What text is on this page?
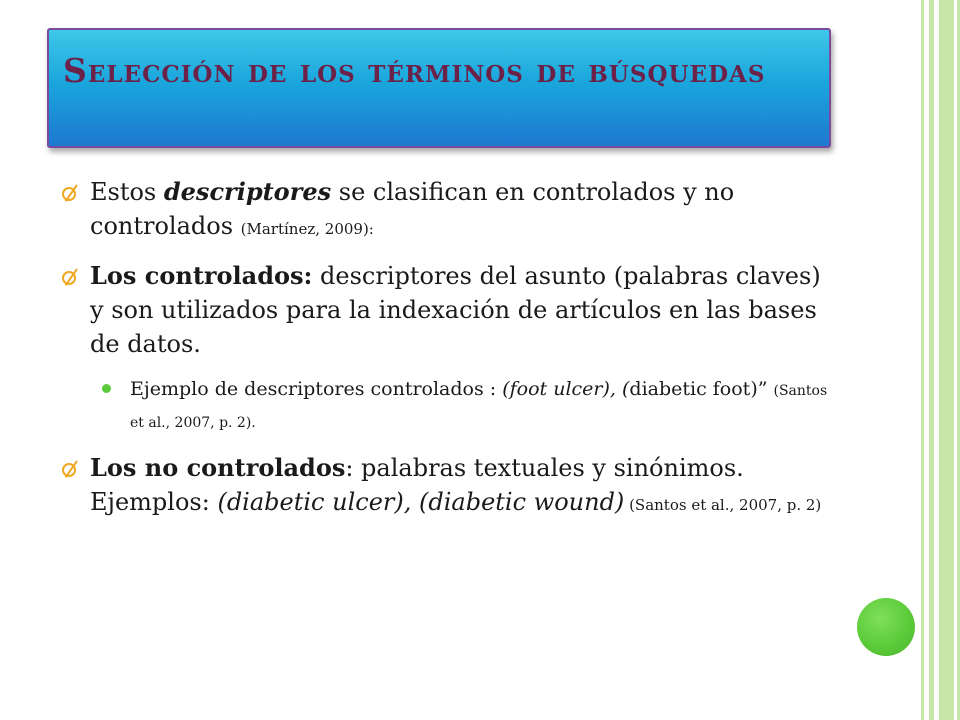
Selección de los términos de búsquedas
Estos descriptores se clasifican en controlados y no controlados (Martínez, 2009):
Los controlados: descriptores del asunto (palabras claves) y son utilizados para la indexación de artículos en las bases de datos.
Ejemplo de descriptores controlados : (foot ulcer), (diabetic foot)” (Santos et al., 2007, p. 2).
Los no controlados: palabras textuales y sinónimos. Ejemplos: (diabetic ulcer), (diabetic wound) (Santos et al., 2007, p. 2)
